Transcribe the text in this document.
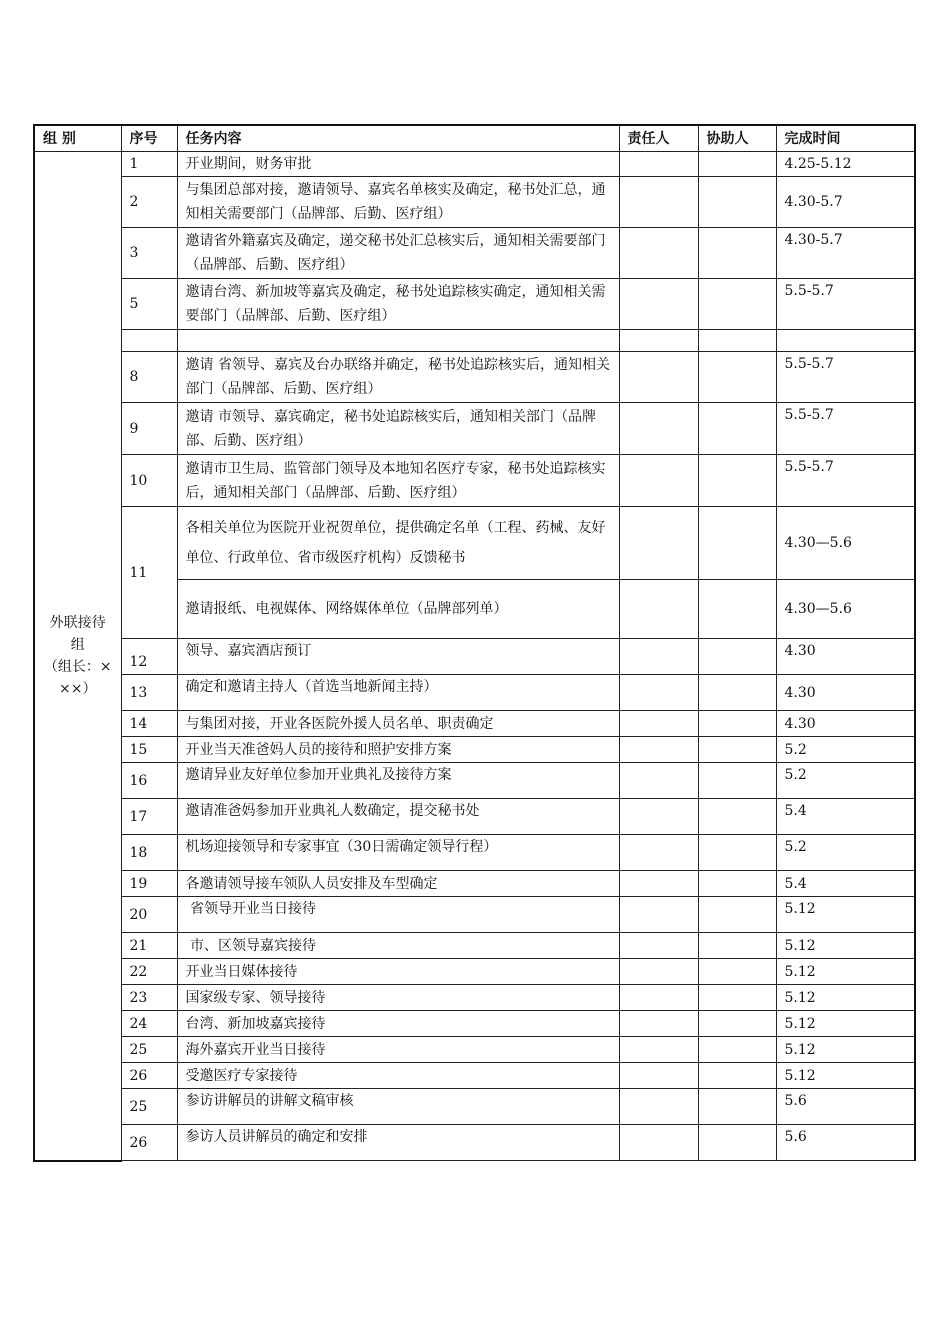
组 别	序号	任务内容	责任人	协助人	完成时间

外联接待
组
（组长：×
××）	1	开业期间，财务审批			4.25-5.12
	2	与集团总部对接，邀请领导、嘉宾名单核实及确定，秘书处汇总，通知相关需要部门（品牌部、后勤、医疗组）			4.30-5.7
	3	邀请省外籍嘉宾及确定，递交秘书处汇总核实后，通知相关需要部门（品牌部、后勤、医疗组）			4.30-5.7
	5	邀请台湾、新加坡等嘉宾及确定，秘书处追踪核实确定，通知相关需要部门（品牌部、后勤、医疗组）			5.5-5.7

	8	邀请 省领导、嘉宾及台办联络并确定，秘书处追踪核实后，通知相关部门（品牌部、后勤、医疗组）			5.5-5.7
	9	邀请 市领导、嘉宾确定，秘书处追踪核实后，通知相关部门（品牌部、后勤、医疗组）			5.5-5.7
	10	邀请市卫生局、监管部门领导及本地知名医疗专家，秘书处追踪核实后，通知相关部门（品牌部、后勤、医疗组）			5.5-5.7
	11	各相关单位为医院开业祝贺单位，提供确定名单（工程、药械、友好单位、行政单位、省市级医疗机构）反馈秘书			4.30—5.6
		邀请报纸、电视媒体、网络媒体单位（品牌部列单）			4.30—5.6
	12	领导、嘉宾酒店预订			4.30
	13	确定和邀请主持人（首选当地新闻主持）			4.30
	14	与集团对接，开业各医院外援人员名单、职责确定			4.30
	15	开业当天准爸妈人员的接待和照护安排方案			5.2
	16	邀请异业友好单位参加开业典礼及接待方案			5.2
	17	邀请准爸妈参加开业典礼人数确定，提交秘书处			5.4
	18	机场迎接领导和专家事宜（30日需确定领导行程）			5.2
	19	各邀请领导接车领队人员安排及车型确定			5.4
	20	省领导开业当日接待			5.12
	21	市、区领导嘉宾接待			5.12
	22	开业当日媒体接待			5.12
	23	国家级专家、领导接待			5.12
	24	台湾、新加坡嘉宾接待			5.12
	25	海外嘉宾开业当日接待			5.12
	26	受邀医疗专家接待			5.12
	25	参访讲解员的讲解文稿审核			5.6
	26	参访人员讲解员的确定和安排			5.6
